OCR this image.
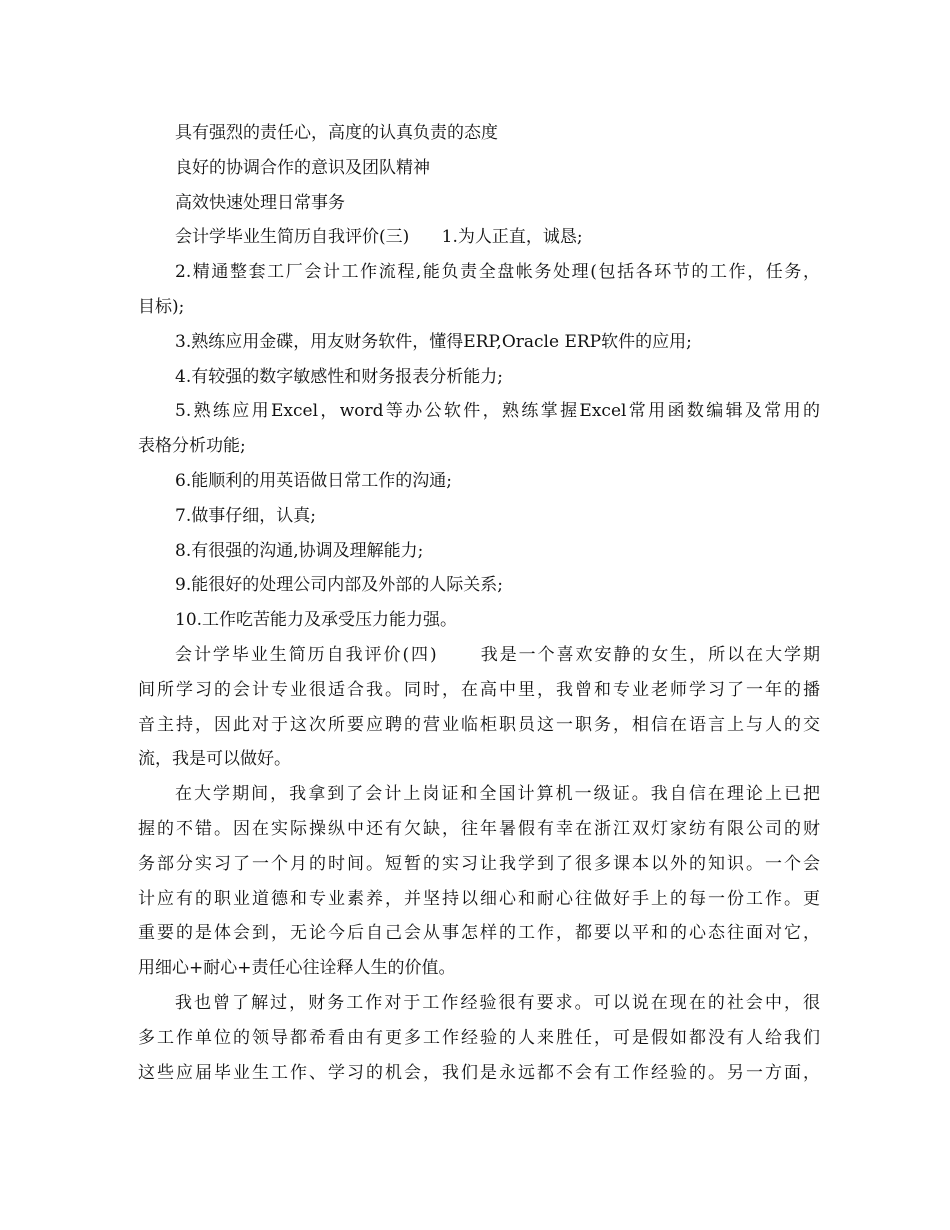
具有强烈的责任心，高度的认真负责的态度
良好的协调合作的意识及团队精神
高效快速处理日常事务
会计学毕业生简历自我评价(三)      1.为人正直，诚恳;
2.精通整套工厂会计工作流程,能负责全盘帐务处理(包括各环节的工作，任务，
目标);
3.熟练应用金碟，用友财务软件，懂得ERP,Oracle ERP软件的应用;
4.有较强的数字敏感性和财务报表分析能力;
5.熟练应用Excel，word等办公软件，熟练掌握Excel常用函数编辑及常用的
表格分析功能;
6.能顺利的用英语做日常工作的沟通;
7.做事仔细，认真;
8.有很强的沟通,协调及理解能力;
9.能很好的处理公司内部及外部的人际关系;
10.工作吃苦能力及承受压力能力强。
会计学毕业生简历自我评价(四)      我是一个喜欢安静的女生，所以在大学期
间所学习的会计专业很适合我。同时，在高中里，我曾和专业老师学习了一年的播
音主持，因此对于这次所要应聘的营业临柜职员这一职务，相信在语言上与人的交
流，我是可以做好。
在大学期间，我拿到了会计上岗证和全国计算机一级证。我自信在理论上已把
握的不错。因在实际操纵中还有欠缺，往年暑假有幸在浙江双灯家纺有限公司的财
务部分实习了一个月的时间。短暂的实习让我学到了很多课本以外的知识。一个会
计应有的职业道德和专业素养，并坚持以细心和耐心往做好手上的每一份工作。更
重要的是体会到，无论今后自己会从事怎样的工作，都要以平和的心态往面对它，
用细心+耐心+责任心往诠释人生的价值。
我也曾了解过，财务工作对于工作经验很有要求。可以说在现在的社会中，很
多工作单位的领导都希看由有更多工作经验的人来胜任，可是假如都没有人给我们
这些应届毕业生工作、学习的机会，我们是永远都不会有工作经验的。另一方面，
